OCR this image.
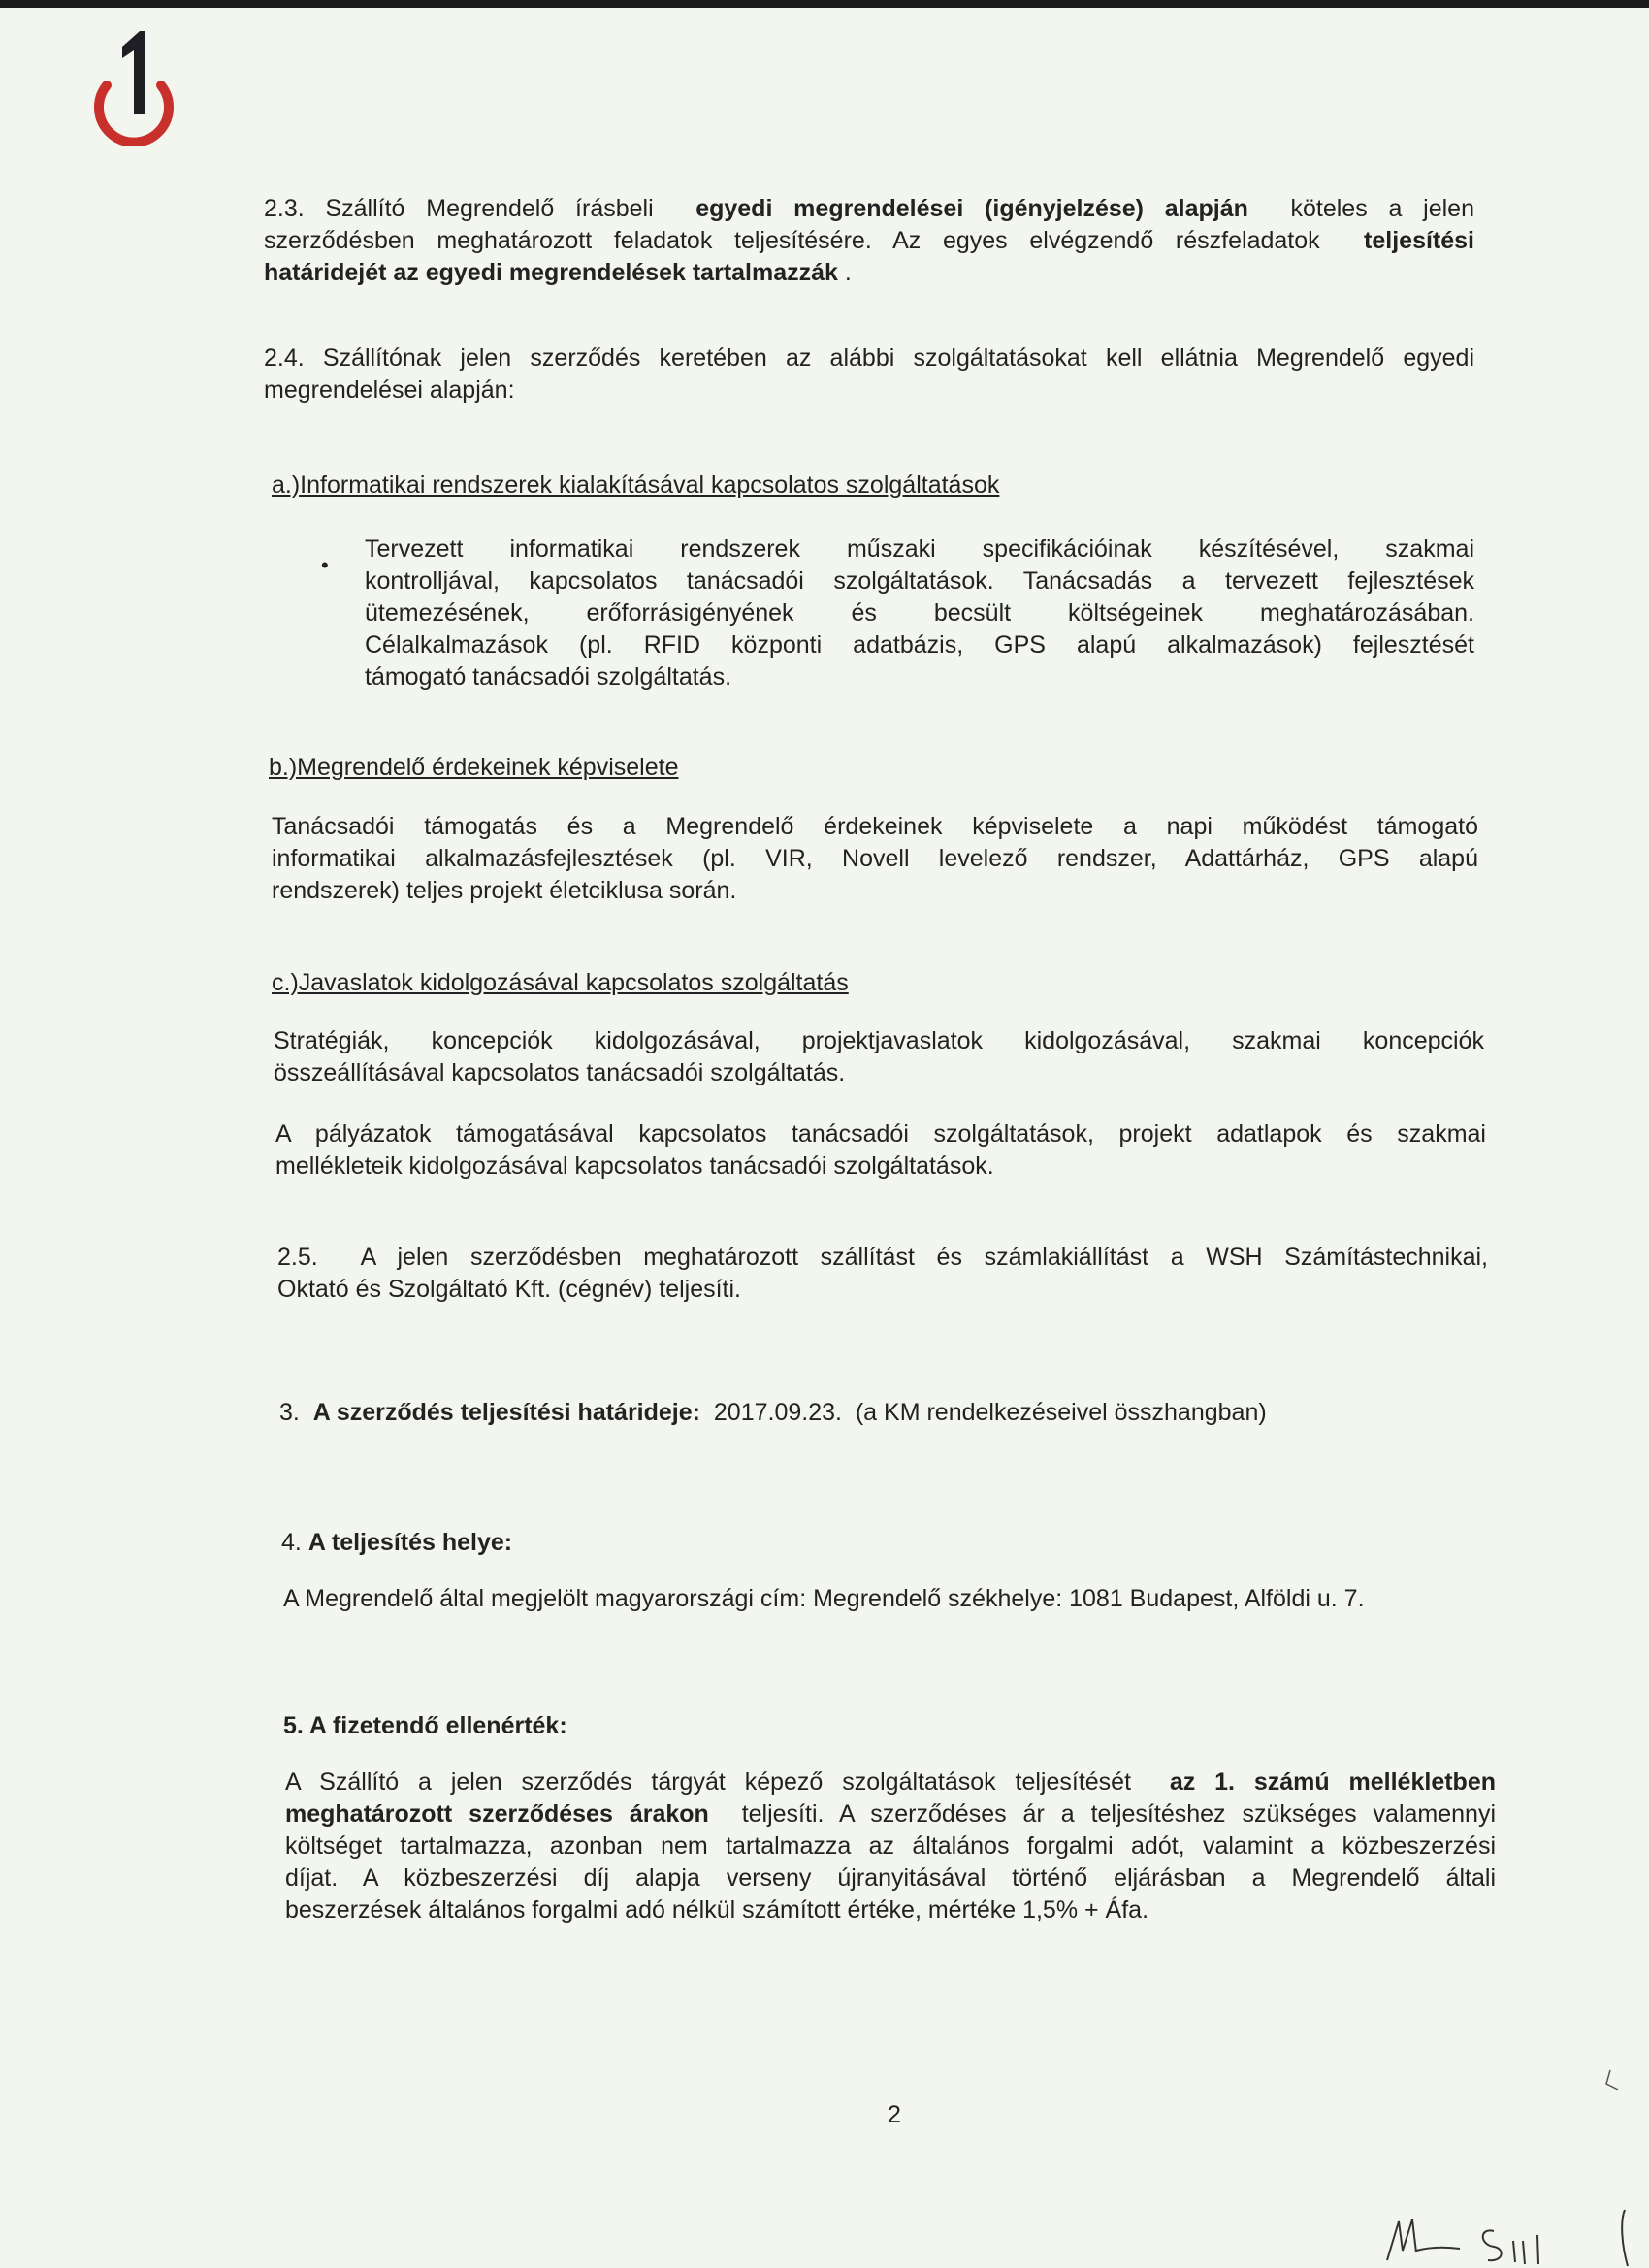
2.3. Szállító Megrendelő írásbeli  egyedi megrendelései (igényjelzése) alapján  köteles a jelen
szerződésben meghatározott feladatok teljesítésére. Az egyes elvégzendő részfeladatok  teljesítési
határidejét az egyedi megrendelések tartalmazzák .
2.4. Szállítónak jelen szerződés keretében az alábbi szolgáltatásokat kell ellátnia Megrendelő egyedi
megrendelései alapján:
a.)Informatikai rendszerek kialakításával kapcsolatos szolgáltatások
Tervezett informatikai rendszerek műszaki specifikációinak készítésével, szakmai
kontrolljával, kapcsolatos tanácsadói szolgáltatások. Tanácsadás a tervezett fejlesztések
ütemezésének, erőforrásigényének és becsült költségeinek meghatározásában.
Célalkalmazások (pl. RFID központi adatbázis, GPS alapú alkalmazások) fejlesztését
támogató tanácsadói szolgáltatás.
b.)Megrendelő érdekeinek képviselete
Tanácsadói támogatás és a Megrendelő érdekeinek képviselete a napi működést támogató
informatikai alkalmazásfejlesztések (pl. VIR, Novell levelező rendszer, Adattárház, GPS alapú
rendszerek) teljes projekt életciklusa során.
c.)Javaslatok kidolgozásával kapcsolatos szolgáltatás
Stratégiák, koncepciók kidolgozásával, projektjavaslatok kidolgozásával, szakmai koncepciók
összeállításával kapcsolatos tanácsadói szolgáltatás.
A pályázatok támogatásával kapcsolatos tanácsadói szolgáltatások, projekt adatlapok és szakmai
mellékleteik kidolgozásával kapcsolatos tanácsadói szolgáltatások.
2.5.  A jelen szerződésben meghatározott szállítást és számlakiállítást a WSH Számítástechnikai,
Oktató és Szolgáltató Kft. (cégnév) teljesíti.
3.  A szerződés teljesítési határideje:  2017.09.23.  (a KM rendelkezéseivel összhangban)
4. A teljesítés helye:
A Megrendelő által megjelölt magyarországi cím: Megrendelő székhelye: 1081 Budapest, Alföldi u. 7.
5. A fizetendő ellenérték:
A Szállító a jelen szerződés tárgyát képező szolgáltatások teljesítését  az 1. számú mellékletben
meghatározott szerződéses árakon  teljesíti. A szerződéses ár a teljesítéshez szükséges valamennyi
költséget tartalmazza, azonban nem tartalmazza az általános forgalmi adót, valamint a közbeszerzési
díjat. A közbeszerzési díj alapja verseny újranyitásával történő eljárásban a Megrendelő általi
beszerzések általános forgalmi adó nélkül számított értéke, mértéke 1,5% + Áfa.
•
2
